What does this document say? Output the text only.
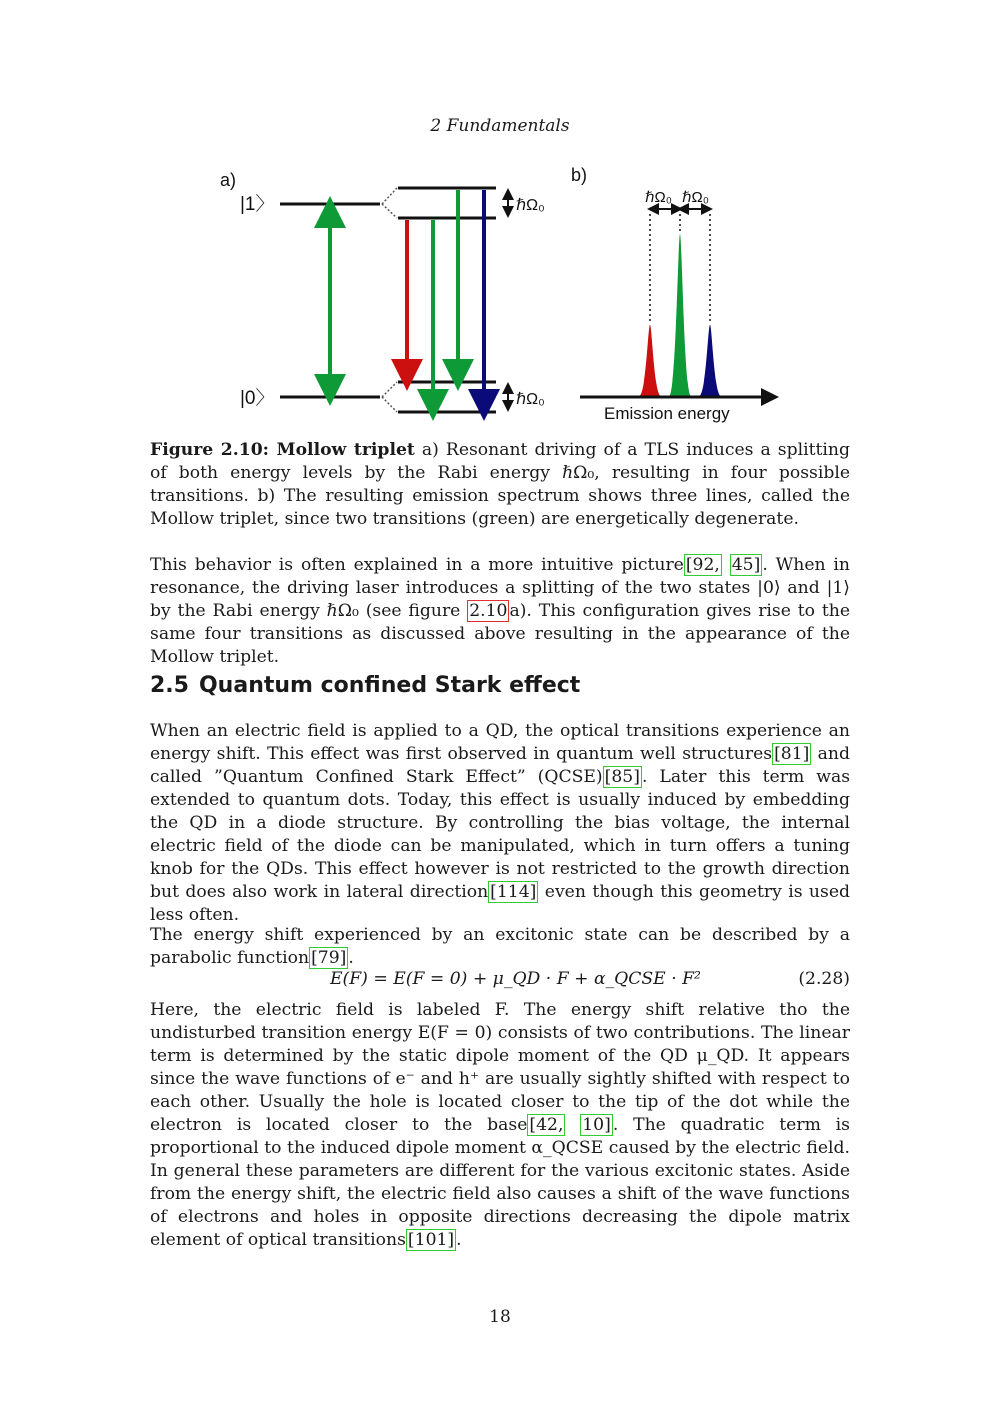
2 Fundamentals
a)
|1〉
|0〉
ℏΩ₀
ℏΩ₀
b)
ℏΩ₀ ℏΩ₀
Emission energy

Figure 2.10: Mollow triplet a) Resonant driving of a TLS induces a splitting of both energy levels by the Rabi energy ℏΩ₀, resulting in four possible transitions. b) The resulting emission spectrum shows three lines, called the Mollow triplet, since two transitions (green) are energetically degenerate.

This behavior is often explained in a more intuitive picture [92, 45] . When in resonance, the driving laser introduces a splitting of the two states |0⟩ and |1⟩ by the Rabi energy ℏΩ₀ (see figure 2.10 a). This configuration gives rise to the same four transitions as discussed above resulting in the appearance of the Mollow triplet.

2.5 Quantum confined Stark effect

When an electric field is applied to a QD, the optical transitions experience an energy shift. This effect was first observed in quantum well structures [81] and called ”Quantum Confined Stark Effect” (QCSE) [85] . Later this term was extended to quantum dots. Today, this effect is usually induced by embedding the QD in a diode structure. By controlling the bias voltage, the internal electric field of the diode can be manipulated, which in turn offers a tuning knob for the QDs. This effect however is not restricted to the growth direction but does also work in lateral direction [114] even though this geometry is used less often.

The energy shift experienced by an excitonic state can be described by a parabolic function [79] .

E(F) = E(F = 0) + μ_QD · F + α_QCSE · F²	(2.28)

Here, the electric field is labeled F. The energy shift relative tho the undisturbed transition energy E(F = 0) consists of two contributions. The linear term is determined by the static dipole moment of the QD μ_QD. It appears since the wave functions of e⁻ and h⁺ are usually sightly shifted with respect to each other. Usually the hole is located closer to the tip of the dot while the electron is located closer to the base [42, 10] . The quadratic term is proportional to the induced dipole moment α_QCSE caused by the electric field. In general these parameters are different for the various excitonic states. Aside from the energy shift, the electric field also causes a shift of the wave functions of electrons and holes in opposite directions decreasing the dipole matrix element of optical transitions [101] .

18
